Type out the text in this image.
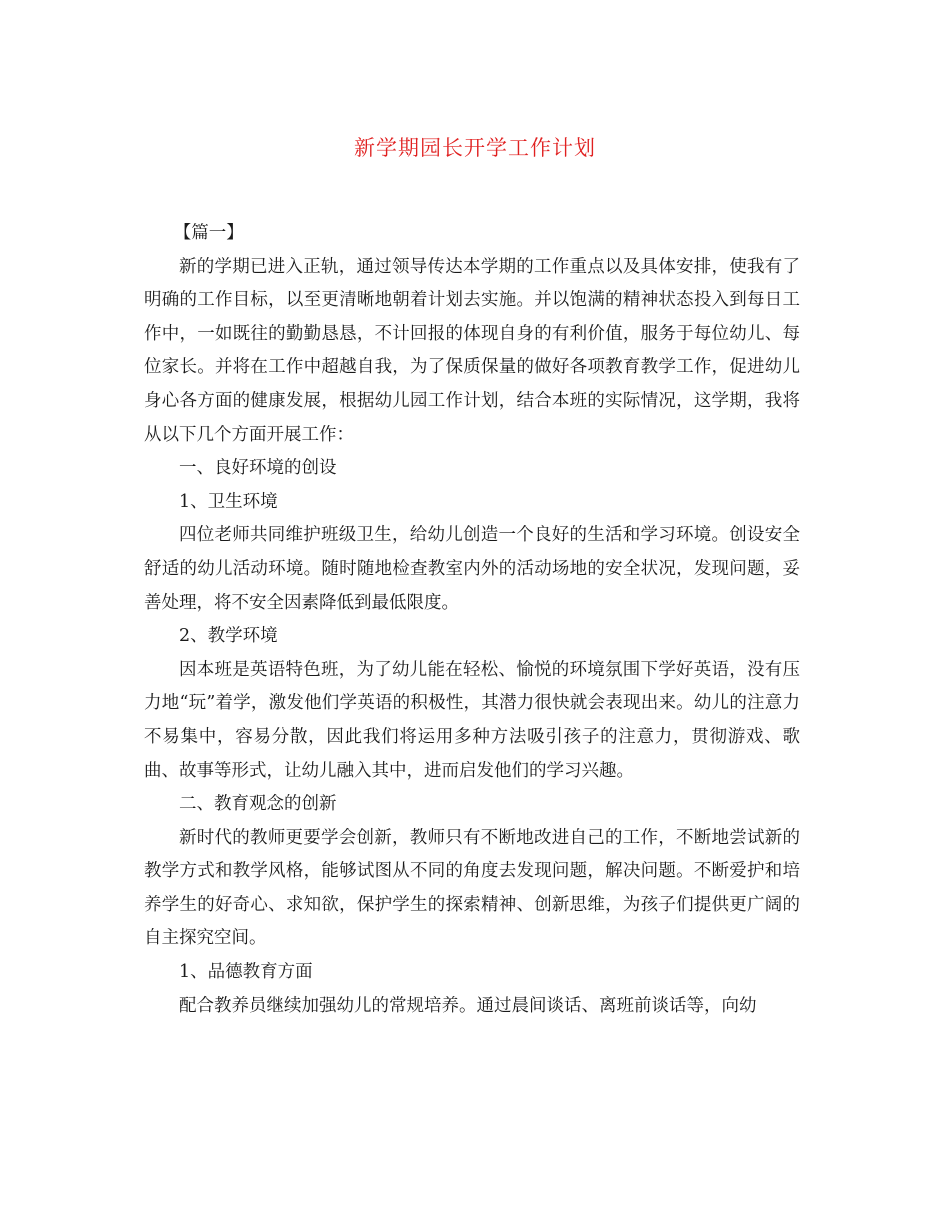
新学期园长开学工作计划

【篇一】

新的学期已进入正轨，通过领导传达本学期的工作重点以及具体安排，使我有了明确的工作目标，以至更清晰地朝着计划去实施。并以饱满的精神状态投入到每日工作中，一如既往的勤勤恳恳，不计回报的体现自身的有利价值，服务于每位幼儿、每位家长。并将在工作中超越自我，为了保质保量的做好各项教育教学工作，促进幼儿身心各方面的健康发展，根据幼儿园工作计划，结合本班的实际情况，这学期，我将从以下几个方面开展工作：

一、良好环境的创设

1、卫生环境

四位老师共同维护班级卫生，给幼儿创造一个良好的生活和学习环境。创设安全舒适的幼儿活动环境。随时随地检查教室内外的活动场地的安全状况，发现问题，妥善处理，将不安全因素降低到最低限度。

2、教学环境

因本班是英语特色班，为了幼儿能在轻松、愉悦的环境氛围下学好英语，没有压力地“玩”着学，激发他们学英语的积极性，其潜力很快就会表现出来。幼儿的注意力不易集中，容易分散，因此我们将运用多种方法吸引孩子的注意力，贯彻游戏、歌曲、故事等形式，让幼儿融入其中，进而启发他们的学习兴趣。

二、教育观念的创新

新时代的教师更要学会创新，教师只有不断地改进自己的工作，不断地尝试新的教学方式和教学风格，能够试图从不同的角度去发现问题，解决问题。不断爱护和培养学生的好奇心、求知欲，保护学生的探索精神、创新思维，为孩子们提供更广阔的自主探究空间。

1、品德教育方面

配合教养员继续加强幼儿的常规培养。通过晨间谈话、离班前谈话等，向幼
